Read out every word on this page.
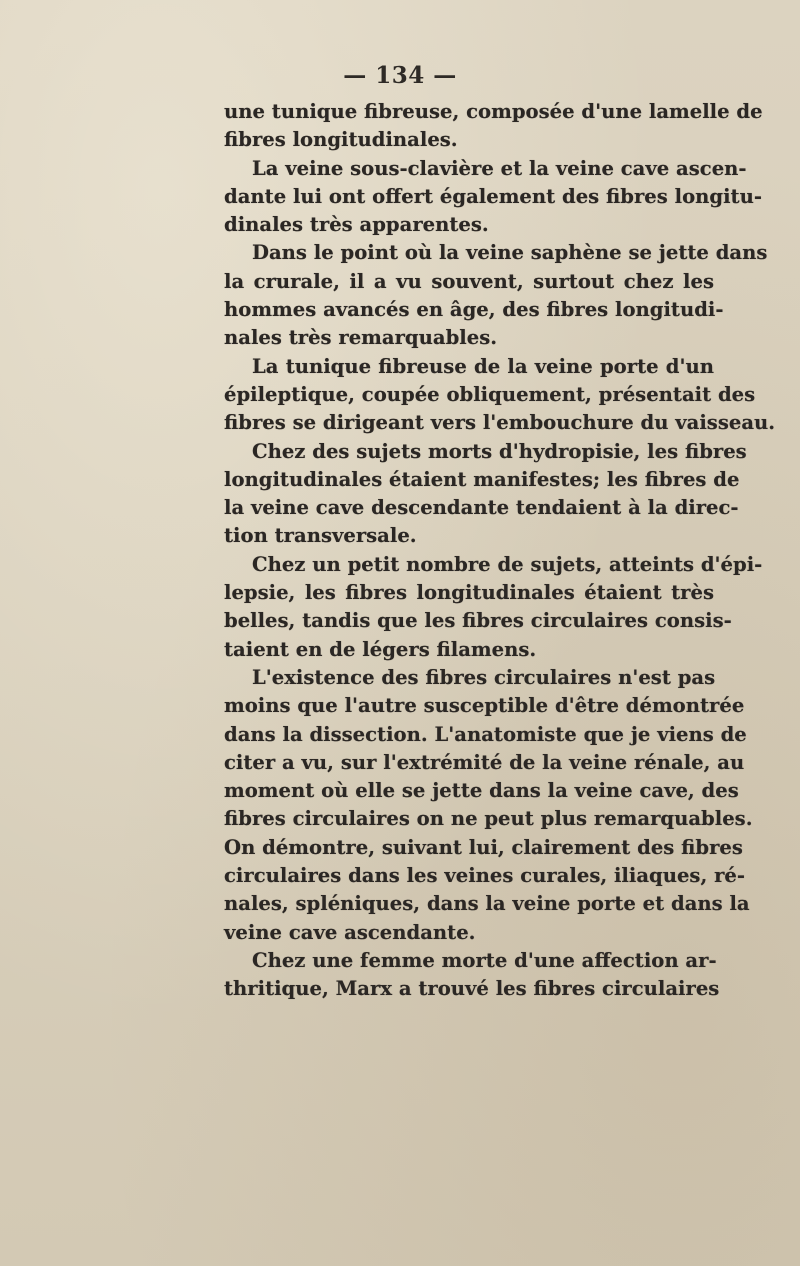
— 134 —
une tunique fibreuse, composée d'une lamelle de
fibres longitudinales.
La veine sous-clavière et la veine cave ascen-
dante lui ont offert également des fibres longitu-
dinales très apparentes.
Dans le point où la veine saphène se jette dans
la crurale, il a vu souvent, surtout chez les
hommes avancés en âge, des fibres longitudi-
nales très remarquables.
La tunique fibreuse de la veine porte d'un
épileptique, coupée obliquement, présentait des
fibres se dirigeant vers l'embouchure du vaisseau.
Chez des sujets morts d'hydropisie, les fibres
longitudinales étaient manifestes; les fibres de
la veine cave descendante tendaient à la direc-
tion transversale.
Chez un petit nombre de sujets, atteints d'épi-
lepsie, les fibres longitudinales étaient très
belles, tandis que les fibres circulaires consis-
taient en de légers filamens.
L'existence des fibres circulaires n'est pas
moins que l'autre susceptible d'être démontrée
dans la dissection. L'anatomiste que je viens de
citer a vu, sur l'extrémité de la veine rénale, au
moment où elle se jette dans la veine cave, des
fibres circulaires on ne peut plus remarquables.
On démontre, suivant lui, clairement des fibres
circulaires dans les veines curales, iliaques, ré-
nales, spléniques, dans la veine porte et dans la
veine cave ascendante.
Chez une femme morte d'une affection ar-
thritique, Marx a trouvé les fibres circulaires
